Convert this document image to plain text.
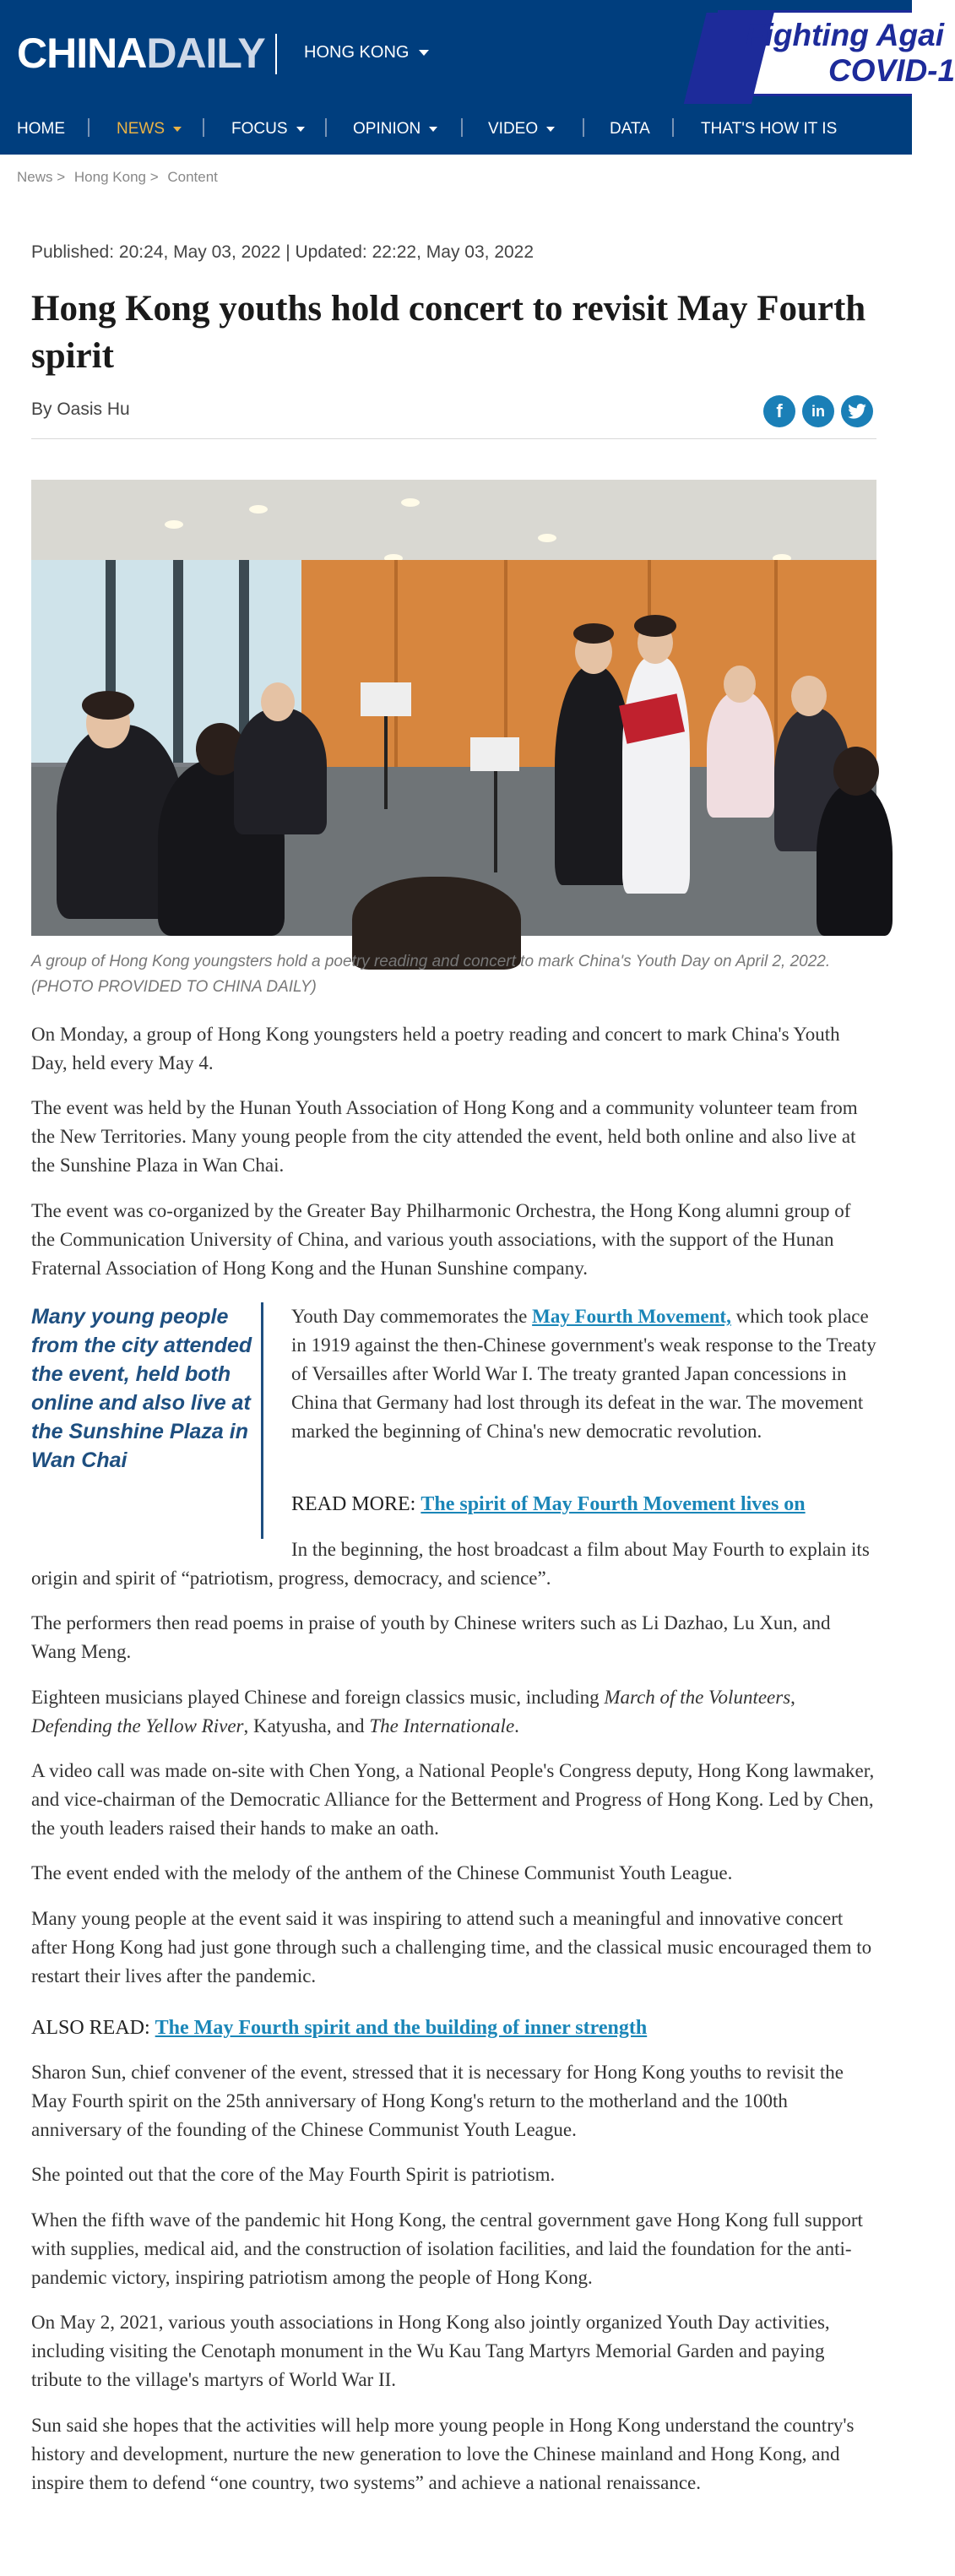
CHINADAILY HONG KONG	Fighting Agai
COVID-1
HOME	NEWS	FOCUS	OPINION	VIDEO	DATA	THAT'S HOW IT IS
News > Hong Kong > Content
Published: 20:24, May 03, 2022 | Updated: 22:22, May 03, 2022
Hong Kong youths hold concert to revisit May Fourth spirit
By Oasis Hu	f	in
A group of Hong Kong youngsters hold a poetry reading and concert to mark China's Youth Day on April 2, 2022. (PHOTO PROVIDED TO CHINA DAILY)

On Monday, a group of Hong Kong youngsters held a poetry reading and concert to mark China's Youth Day, held every May 4.

The event was held by the Hunan Youth Association of Hong Kong and a community volunteer team from the New Territories. Many young people from the city attended the event, held both online and also live at the Sunshine Plaza in Wan Chai.

The event was co-organized by the Greater Bay Philharmonic Orchestra, the Hong Kong alumni group of the Communication University of China, and various youth associations, with the support of the Hunan Fraternal Association of Hong Kong and the Hunan Sunshine company.

Many young people from the city attended the event, held both online and also live at the Sunshine Plaza in Wan Chai

Youth Day commemorates the May Fourth Movement, which took place in 1919 against the then-Chinese government's weak response to the Treaty of Versailles after World War I. The treaty granted Japan concessions in China that Germany had lost through its defeat in the war. The movement marked the beginning of China's new democratic revolution.

READ MORE: The spirit of May Fourth Movement lives on

In the beginning, the host broadcast a film about May Fourth to explain its origin and spirit of “patriotism, progress, democracy, and science”.

The performers then read poems in praise of youth by Chinese writers such as Li Dazhao, Lu Xun, and Wang Meng.

Eighteen musicians played Chinese and foreign classics music, including March of the Volunteers, Defending the Yellow River, Katyusha, and The Internationale.

A video call was made on-site with Chen Yong, a National People's Congress deputy, Hong Kong lawmaker, and vice-chairman of the Democratic Alliance for the Betterment and Progress of Hong Kong. Led by Chen, the youth leaders raised their hands to make an oath.

The event ended with the melody of the anthem of the Chinese Communist Youth League.

Many young people at the event said it was inspiring to attend such a meaningful and innovative concert after Hong Kong had just gone through such a challenging time, and the classical music encouraged them to restart their lives after the pandemic.

ALSO READ: The May Fourth spirit and the building of inner strength

Sharon Sun, chief convener of the event, stressed that it is necessary for Hong Kong youths to revisit the May Fourth spirit on the 25th anniversary of Hong Kong's return to the motherland and the 100th anniversary of the founding of the Chinese Communist Youth League.

She pointed out that the core of the May Fourth Spirit is patriotism.

When the fifth wave of the pandemic hit Hong Kong, the central government gave Hong Kong full support with supplies, medical aid, and the construction of isolation facilities, and laid the foundation for the anti-pandemic victory, inspiring patriotism among the people of Hong Kong.

On May 2, 2021, various youth associations in Hong Kong also jointly organized Youth Day activities, including visiting the Cenotaph monument in the Wu Kau Tang Martyrs Memorial Garden and paying tribute to the village's martyrs of World War II.

Sun said she hopes that the activities will help more young people in Hong Kong understand the country's history and development, nurture the new generation to love the Chinese mainland and Hong Kong, and inspire them to defend “one country, two systems” and achieve a national renaissance.
